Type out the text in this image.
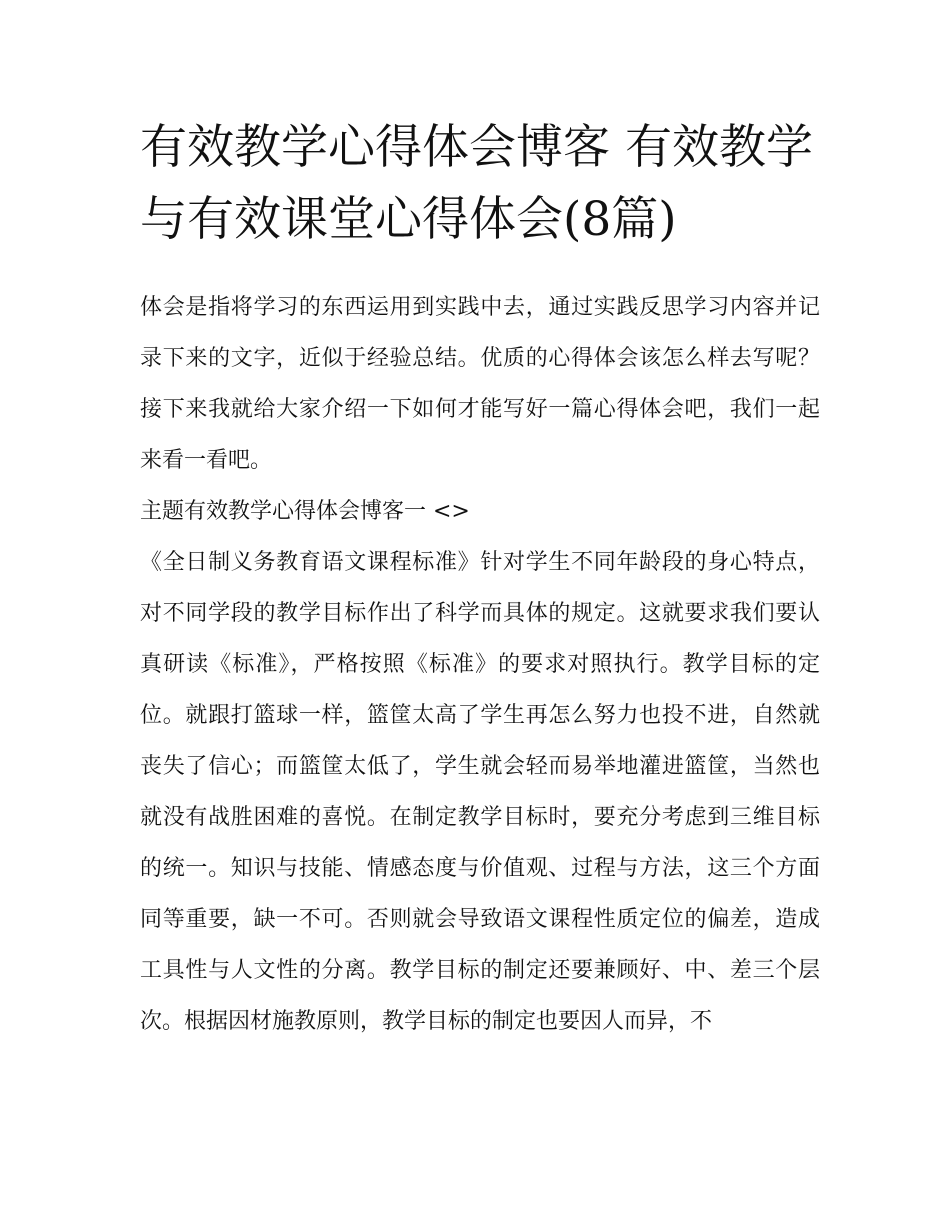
有效教学心得体会博客 有效教学与有效课堂心得体会(8篇)

体会是指将学习的东西运用到实践中去，通过实践反思学习内容并记录下来的文字，近似于经验总结。优质的心得体会该怎么样去写呢？接下来我就给大家介绍一下如何才能写好一篇心得体会吧，我们一起来看一看吧。

主题有效教学心得体会博客一 <>

《全日制义务教育语文课程标准》针对学生不同年龄段的身心特点，对不同学段的教学目标作出了科学而具体的规定。这就要求我们要认真研读《标准》，严格按照《标准》的要求对照执行。教学目标的定位。就跟打篮球一样，篮筐太高了学生再怎么努力也投不进，自然就丧失了信心；而篮筐太低了，学生就会轻而易举地灌进篮筐，当然也就没有战胜困难的喜悦。在制定教学目标时，要充分考虑到三维目标的统一。知识与技能、情感态度与价值观、过程与方法，这三个方面同等重要，缺一不可。否则就会导致语文课程性质定位的偏差，造成工具性与人文性的分离。教学目标的制定还要兼顾好、中、差三个层次。根据因材施教原则，教学目标的制定也要因人而异，不
